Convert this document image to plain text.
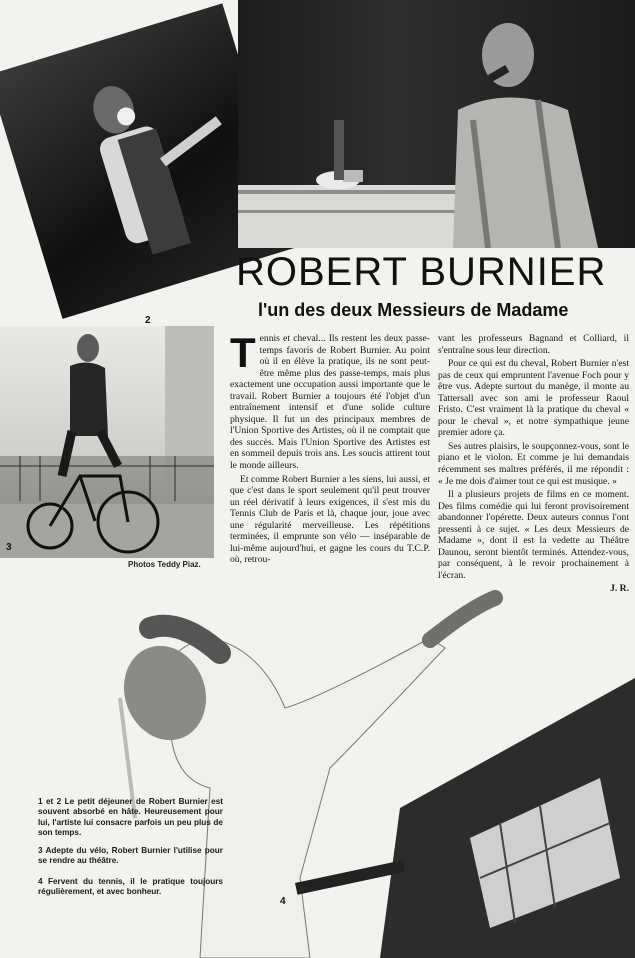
2
ROBERT BURNIER
l'un des deux Messieurs de Madame
3
Photos Teddy Piaz.

Tennis et cheval... Ils restent les deux passe-temps favoris de Robert Burnier. Au point où il en élève la pratique, ils ne sont peut-être même plus des passe-temps, mais plus exactement une occupation aussi importante que le travail. Robert Burnier a toujours été l'objet d'un entraînement intensif et d'une solide culture physique. Il fut un des principaux membres de l'Union Sportive des Artistes, où il ne comptait que des succès. Mais l'Union Sportive des Artistes est en sommeil depuis trois ans. Les soucis attirent tout le monde ailleurs.

Et comme Robert Burnier a les siens, lui aussi, et que c'est dans le sport seulement qu'il peut trouver un réel dérivatif à leurs exigences, il s'est mis du Tennis Club de Paris et là, chaque jour, joue avec une régularité merveilleuse. Les répétitions terminées, il emprunte son vélo — inséparable de lui-même aujourd'hui, et gagne les cours du T.C.P. où, retrou-

vant les professeurs Bagnand et Colliard, il s'entraîne sous leur direction.

Pour ce qui est du cheval, Robert Burnier n'est pas de ceux qui empruntent l'avenue Foch pour y être vus. Adepte surtout du manège, il monte au Tattersall avec son ami le professeur Raoul Fristo. C'est vraiment là la pratique du cheval « pour le cheval », et notre sympathique jeune premier adore ça.

Ses autres plaisirs, le soupçonnez-vous, sont le piano et le violon. Et comme je lui demandais récemment ses maîtres préférés, il me répondit : « Je me dois d'aimer tout ce qui est musique. »

Il a plusieurs projets de films en ce moment. Des films comédie qui lui feront provisoirement abandonner l'opérette. Deux auteurs connus l'ont pressenti à ce sujet. « Les deux Messieurs de Madame », dont il est la vedette au Théâtre Daunou, seront bientôt terminés. Attendez-vous, par conséquent, à le revoir prochainement à l'écran.

J. R.
4
1 et 2 Le petit déjeuner de Robert Burnier est souvent absorbé en hâte. Heureusement pour lui, l'artiste lui consacre parfois un peu plus de son temps.
3 Adepte du vélo, Robert Burnier l'utilise pour se rendre au théâtre.
4 Fervent du tennis, il le pratique toujours régulièrement, et avec bonheur.
